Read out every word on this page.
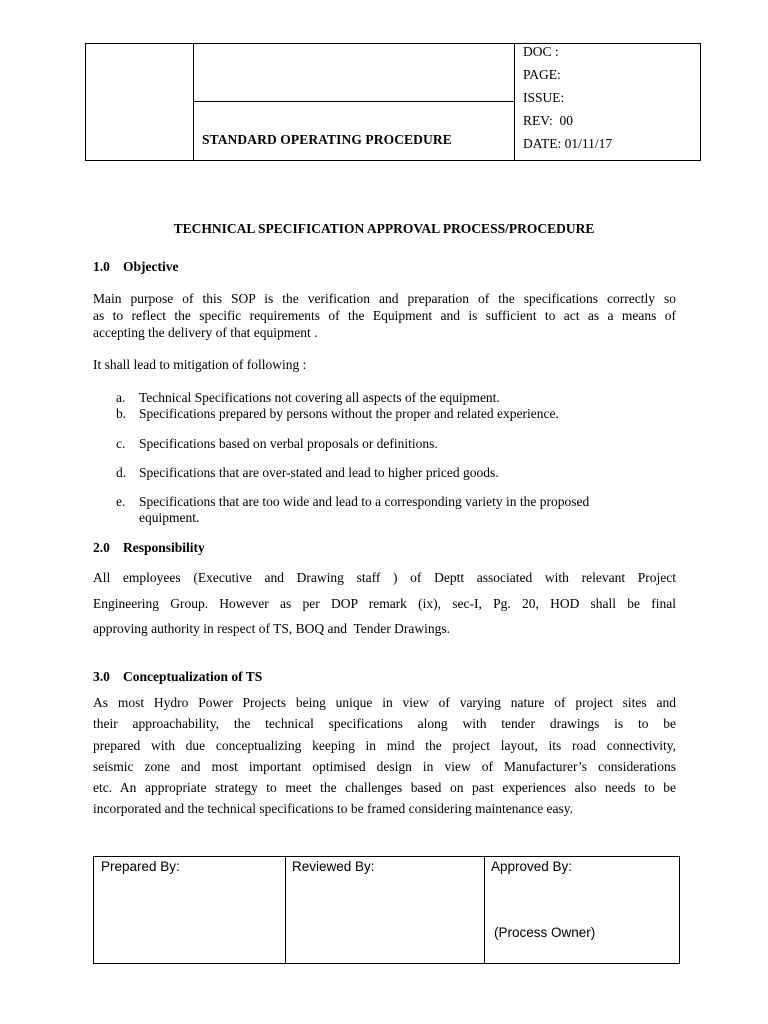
STANDARD OPERATING PROCEDURE
DOC :
PAGE:
ISSUE:
REV:  00
DATE: 01/11/17
TECHNICAL SPECIFICATION APPROVAL PROCESS/PROCEDURE
1.0 Objective
Main purpose of this SOP is the verification and preparation of the specifications correctly so
as to reflect the specific requirements of the Equipment and is sufficient to act as a means of
accepting the delivery of that equipment .
It shall lead to mitigation of following :
a. Technical Specifications not covering all aspects of the equipment.
b. Specifications prepared by persons without the proper and related experience.
c. Specifications based on verbal proposals or definitions.
d. Specifications that are over-stated and lead to higher priced goods.
e. Specifications that are too wide and lead to a corresponding variety in the proposed
equipment.
2.0 Responsibility
All employees (Executive and Drawing staff ) of Deptt associated with relevant Project
Engineering Group. However as per DOP remark (ix), sec-I, Pg. 20, HOD shall be final
approving authority in respect of TS, BOQ and  Tender Drawings.
3.0 Conceptualization of TS
As most Hydro Power Projects being unique in view of varying nature of project sites and
their approachability, the technical specifications along with tender drawings is to be
prepared with due conceptualizing keeping in mind the project layout, its road connectivity,
seismic zone and most important optimised design in view of Manufacturer’s considerations
etc. An appropriate strategy to meet the challenges based on past experiences also needs to be
incorporated and the technical specifications to be framed considering maintenance easy.
Prepared By:	Reviewed By:	Approved By:
(Process Owner)
